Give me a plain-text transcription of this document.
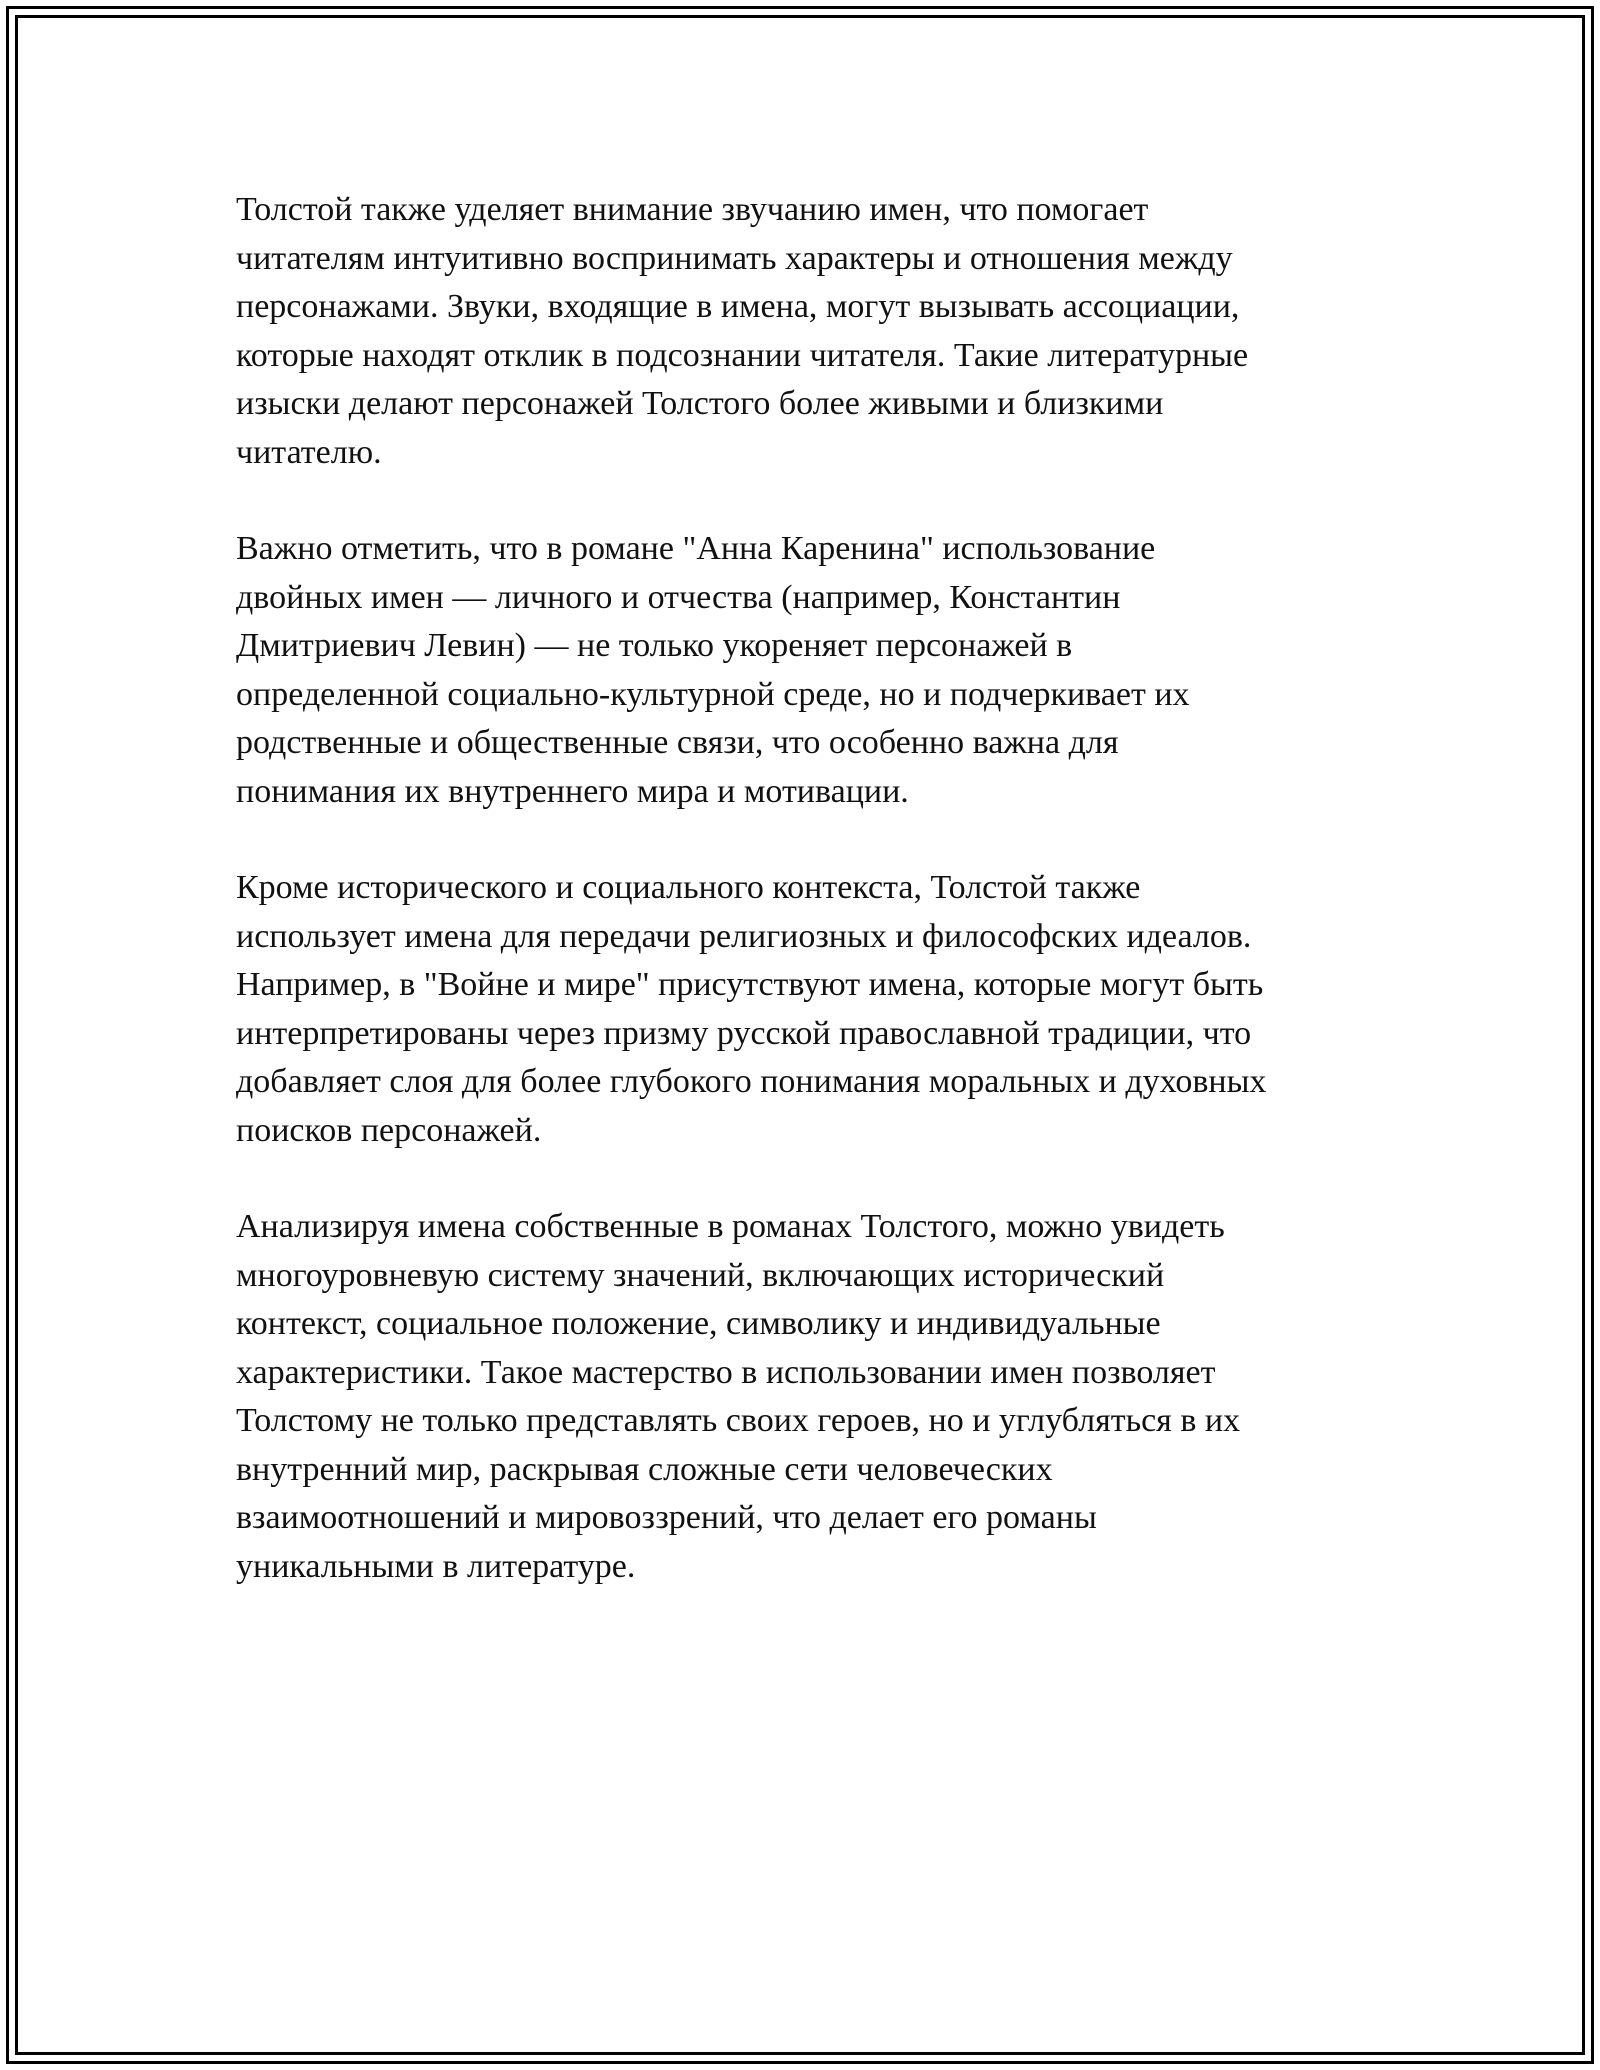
Толстой также уделяет внимание звучанию имен, что помогает
читателям интуитивно воспринимать характеры и отношения между
персонажами. Звуки, входящие в имена, могут вызывать ассоциации,
которые находят отклик в подсознании читателя. Такие литературные
изыски делают персонажей Толстого более живыми и близкими
читателю.

Важно отметить, что в романе "Анна Каренина" использование
двойных имен — личного и отчества (например, Константин
Дмитриевич Левин) — не только укореняет персонажей в
определенной социально-культурной среде, но и подчеркивает их
родственные и общественные связи, что особенно важна для
понимания их внутреннего мира и мотивации.

Кроме исторического и социального контекста, Толстой также
использует имена для передачи религиозных и философских идеалов.
Например, в "Войне и мире" присутствуют имена, которые могут быть
интерпретированы через призму русской православной традиции, что
добавляет слоя для более глубокого понимания моральных и духовных
поисков персонажей.

Анализируя имена собственные в романах Толстого, можно увидеть
многоуровневую систему значений, включающих исторический
контекст, социальное положение, символику и индивидуальные
характеристики. Такое мастерство в использовании имен позволяет
Толстому не только представлять своих героев, но и углубляться в их
внутренний мир, раскрывая сложные сети человеческих
взаимоотношений и мировоззрений, что делает его романы
уникальными в литературе.
